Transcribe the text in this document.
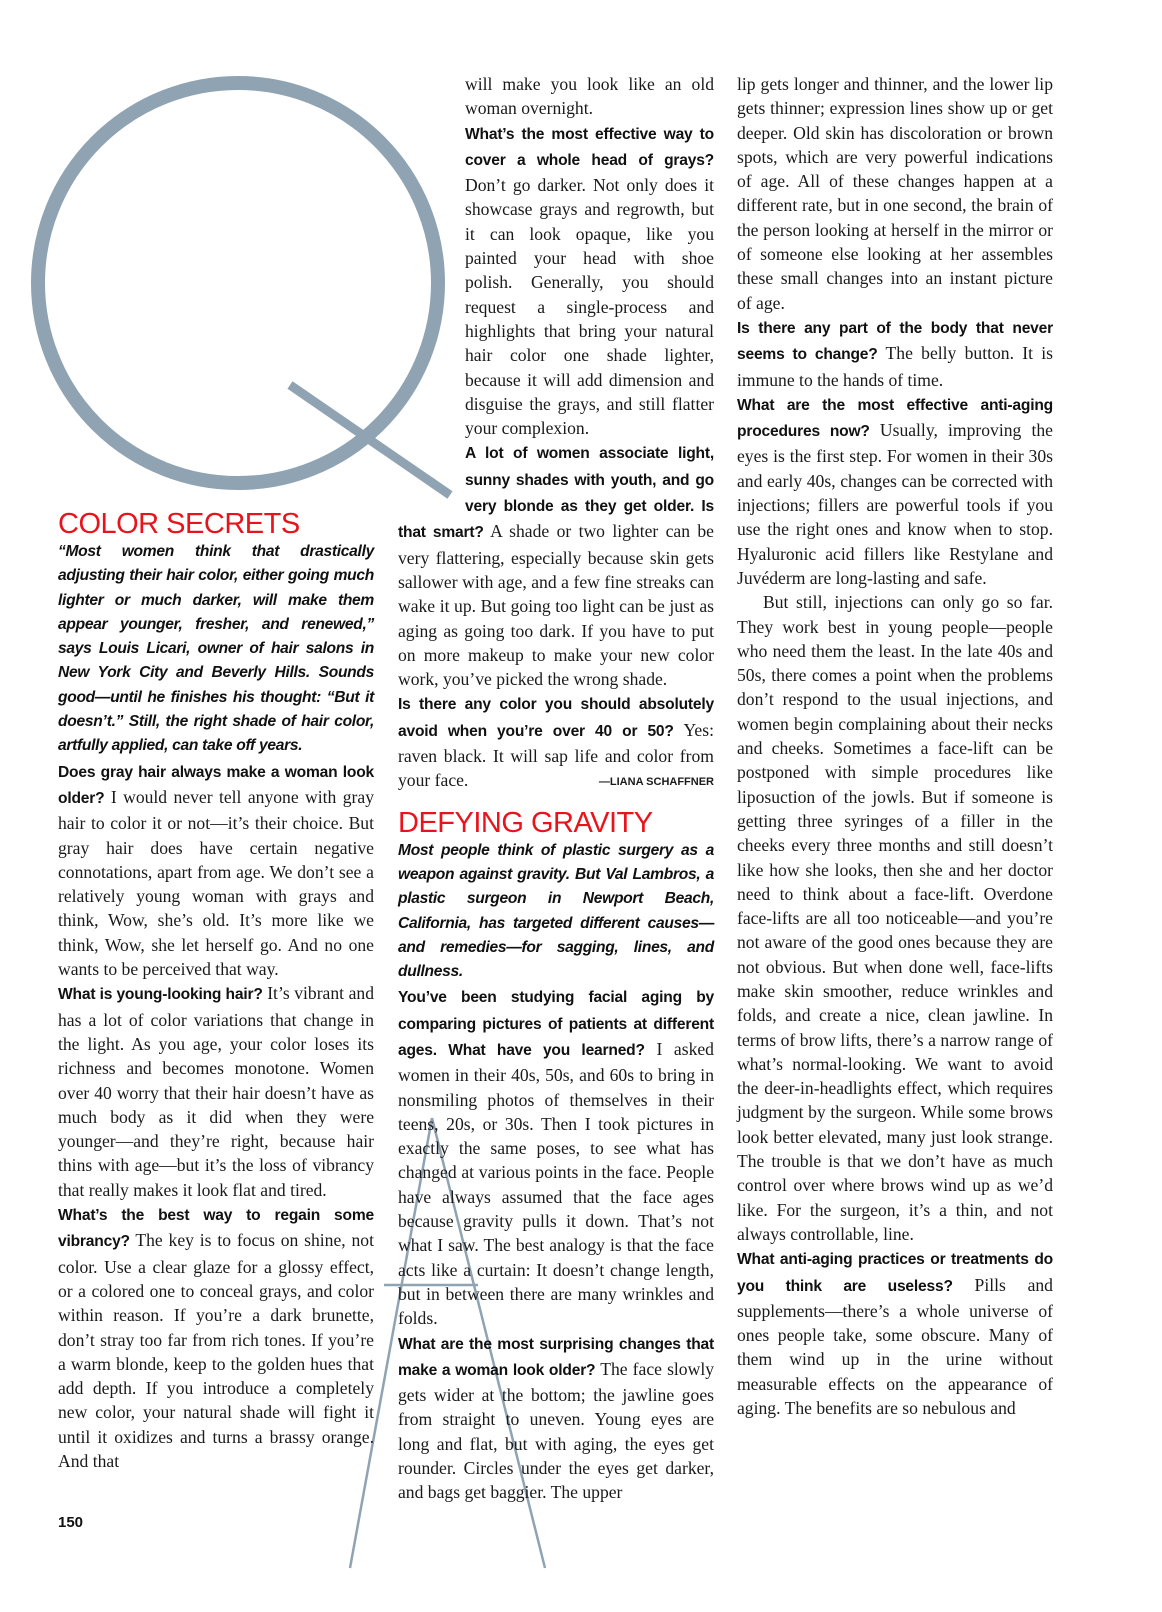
COLOR SECRETS

“Most women think that drastically adjusting their hair color, either going much lighter or much darker, will make them appear younger, fresher, and renewed,” says Louis Licari, owner of hair salons in New York City and Beverly Hills. Sounds good—until he finishes his thought: “But it doesn’t.” Still, the right shade of hair color, artfully applied, can take off years.

Does gray hair always make a woman look older? I would never tell anyone with gray hair to color it or not—it’s their choice. But gray hair does have certain negative connotations, apart from age. We don’t see a relatively young woman with grays and think, Wow, she’s old. It’s more like we think, Wow, she let herself go. And no one wants to be perceived that way.

What is young-looking hair? It’s vibrant and has a lot of color variations that change in the light. As you age, your color loses its richness and becomes monotone. Women over 40 worry that their hair doesn’t have as much body as it did when they were younger—and they’re right, because hair thins with age—but it’s the loss of vibrancy that really makes it look flat and tired.

What’s the best way to regain some vibrancy? The key is to focus on shine, not color. Use a clear glaze for a glossy effect, or a colored one to conceal grays, and color within reason. If you’re a dark brunette, don’t stray too far from rich tones. If you’re a warm blonde, keep to the golden hues that add depth. If you introduce a completely new color, your natural shade will fight it until it oxidizes and turns a brassy orange. And that

will make you look like an old woman overnight.

What’s the most effective way to cover a whole head of grays? Don’t go darker. Not only does it showcase grays and regrowth, but it can look opaque, like you painted your head with shoe polish. Generally, you should request a single-process and highlights that bring your natural hair color one shade lighter, because it will add dimension and disguise the grays, and still flatter your complexion.

A lot of women associate light, sunny shades with youth, and go very blonde as they get older. Is that smart? A shade or two lighter can be very flattering, especially because skin gets sallower with age, and a few fine streaks can wake it up. But going too light can be just as aging as going too dark. If you have to put on more makeup to make your new color work, you’ve picked the wrong shade.

Is there any color you should absolutely avoid when you’re over 40 or 50? Yes: raven black. It will sap life and color from your face.	—LIANA SCHAFFNER

DEFYING GRAVITY

Most people think of plastic surgery as a weapon against gravity. But Val Lambros, a plastic surgeon in Newport Beach, California, has targeted different causes—and remedies—for sagging, lines, and dullness.

You’ve been studying facial aging by comparing pictures of patients at different ages. What have you learned? I asked women in their 40s, 50s, and 60s to bring in nonsmiling photos of themselves in their teens, 20s, or 30s. Then I took pictures in exactly the same poses, to see what has changed at various points in the face. People have always assumed that the face ages because gravity pulls it down. That’s not what I saw. The best analogy is that the face acts like a curtain: It doesn’t change length, but in between there are many wrinkles and folds.

What are the most surprising changes that make a woman look older? The face slowly gets wider at the bottom; the jawline goes from straight to uneven. Young eyes are long and flat, but with aging, the eyes get rounder. Circles under the eyes get darker, and bags get baggier. The upper

lip gets longer and thinner, and the lower lip gets thinner; expression lines show up or get deeper. Old skin has discoloration or brown spots, which are very powerful indications of age. All of these changes happen at a different rate, but in one second, the brain of the person looking at herself in the mirror or of someone else looking at her assembles these small changes into an instant picture of age.

Is there any part of the body that never seems to change? The belly button. It is immune to the hands of time.

What are the most effective anti-aging procedures now? Usually, improving the eyes is the first step. For women in their 30s and early 40s, changes can be corrected with injections; fillers are powerful tools if you use the right ones and know when to stop. Hyaluronic acid fillers like Restylane and Juvéderm are long-lasting and safe.

But still, injections can only go so far. They work best in young people—people who need them the least. In the late 40s and 50s, there comes a point when the problems don’t respond to the usual injections, and women begin complaining about their necks and cheeks. Sometimes a face-lift can be postponed with simple procedures like liposuction of the jowls. But if someone is getting three syringes of a filler in the cheeks every three months and still doesn’t like how she looks, then she and her doctor need to think about a face-lift. Overdone face-lifts are all too noticeable—and you’re not aware of the good ones because they are not obvious. But when done well, face-lifts make skin smoother, reduce wrinkles and folds, and create a nice, clean jawline. In terms of brow lifts, there’s a narrow range of what’s normal-looking. We want to avoid the deer-in-headlights effect, which requires judgment by the surgeon. While some brows look better elevated, many just look strange. The trouble is that we don’t have as much control over where brows wind up as we’d like. For the surgeon, it’s a thin, and not always controllable, line.

What anti-aging practices or treatments do you think are useless? Pills and supplements—there’s a whole universe of ones people take, some obscure. Many of them wind up in the urine without measurable effects on the appearance of aging. The benefits are so nebulous and

150
